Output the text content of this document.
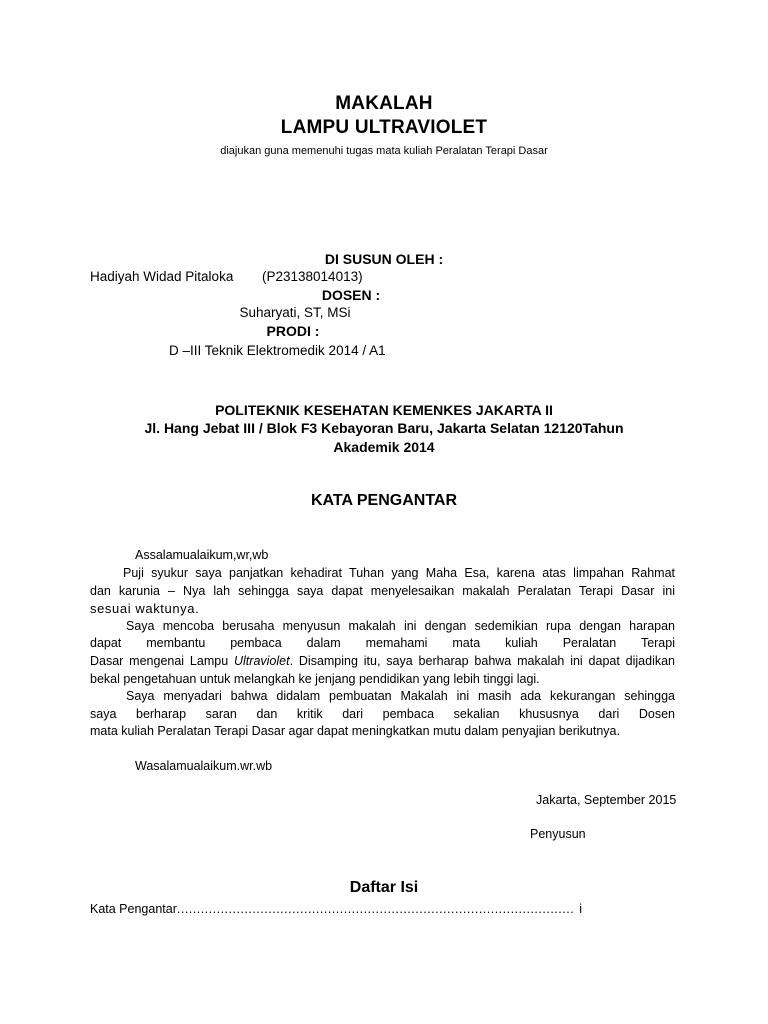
MAKALAH
LAMPU ULTRAVIOLET
diajukan guna memenuhi tugas mata kuliah Peralatan Terapi Dasar
DI SUSUN OLEH :
Hadiyah Widad Pitaloka (P23138014013)
DOSEN :
Suharyati, ST, MSi
PRODI :
D –III Teknik Elektromedik 2014 / A1
POLITEKNIK KESEHATAN KEMENKES JAKARTA II
Jl. Hang Jebat III / Blok F3 Kebayoran Baru, Jakarta Selatan 12120Tahun
Akademik 2014
KATA PENGANTAR
Assalamualaikum,wr,wb

Puji syukur saya panjatkan kehadirat Tuhan yang Maha Esa, karena atas limpahan Rahmat

dan karunia – Nya lah sehingga saya dapat menyelesaikan makalah Peralatan Terapi Dasar ini

sesuai waktunya.

Saya mencoba berusaha menyusun makalah ini dengan sedemikian rupa dengan harapan

dapat membantu pembaca dalam memahami mata kuliah Peralatan Terapi

Dasar mengenai Lampu Ultraviolet. Disamping itu, saya berharap bahwa makalah ini dapat dijadikan

bekal pengetahuan untuk melangkah ke jenjang pendidikan yang lebih tinggi lagi.

Saya menyadari bahwa didalam pembuatan Makalah ini masih ada kekurangan sehingga

saya berharap saran dan kritik dari pembaca sekalian khususnya dari Dosen

mata kuliah Peralatan Terapi Dasar agar dapat meningkatkan mutu dalam penyajian berikutnya.

Wasalamualaikum.wr.wb
Jakarta, September 2015
Penyusun
Daftar Isi
Kata Pengantar
.....	i
